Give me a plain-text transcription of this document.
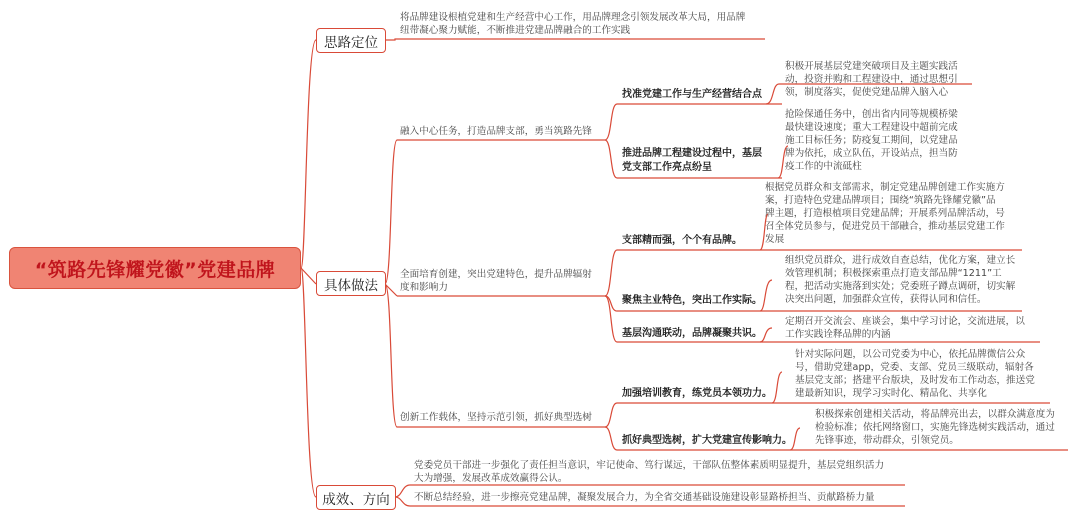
“筑路先锋耀党徽”党建品牌
思路定位
将品牌建设根植党建和生产经营中心工作，用品牌理念引领发展改革大局，用品牌
纽带凝心聚力赋能，不断推进党建品牌融合的工作实践
具体做法
融入中心任务，打造品牌支部，勇当筑路先锋
找准党建工作与生产经营结合点
积极开展基层党建突破项目及主题实践活
动，投资并购和工程建设中，通过思想引
领，制度落实，促使党建品牌入脑入心
推进品牌工程建设过程中，基层
党支部工作亮点纷呈
抢险保通任务中，创出省内同等规模桥梁
最快建设速度；重大工程建设中超前完成
施工目标任务；防疫复工期间，以党建品
牌为依托，成立队伍，开设站点，担当防
疫工作的中流砥柱
全面培育创建，突出党建特色，提升品牌辐射
度和影响力
支部精而强，个个有品牌。
根据党员群众和支部需求，制定党建品牌创建工作实施方
案，打造特色党建品牌项目；围绕“筑路先锋耀党徽”品
牌主题，打造根植项目党建品牌；开展系列品牌活动，号
召全体党员参与，促进党员干部融合，推动基层党建工作
发展
聚焦主业特色，突出工作实际。
组织党员群众，进行成效自查总结，优化方案，建立长
效管理机制；积极探索重点打造支部品牌“1211”工
程，把活动实施落到实处；党委班子蹲点调研，切实解
决突出问题，加强群众宣传，获得认同和信任。
基层沟通联动，品牌凝聚共识。
定期召开交流会、座谈会，集中学习讨论，交流进展，以
工作实践诠释品牌的内涵
创新工作载体，坚持示范引领，抓好典型选树
加强培训教育，练党员本领功力。
针对实际问题，以公司党委为中心，依托品牌微信公众
号，借助党建app，党委、支部、党员三级联动，辐射各
基层党支部；搭建平台版块，及时发布工作动态，推送党
建最新知识，现学习实时化、精品化、共享化
抓好典型选树，扩大党建宣传影响力。
积极探索创建相关活动，将品牌亮出去，以群众满意度为
检验标准；依托网络窗口，实施先锋选树实践活动，通过
先锋事迹，带动群众，引领党员。
成效、方向
党委党员干部进一步强化了责任担当意识，牢记使命、笃行谋远，干部队伍整体素质明显提升，基层党组织活力
大为增强，发展改革成效赢得公认。
不断总结经验，进一步擦亮党建品牌，凝聚发展合力，为全省交通基础设施建设彰显路桥担当、贡献路桥力量
